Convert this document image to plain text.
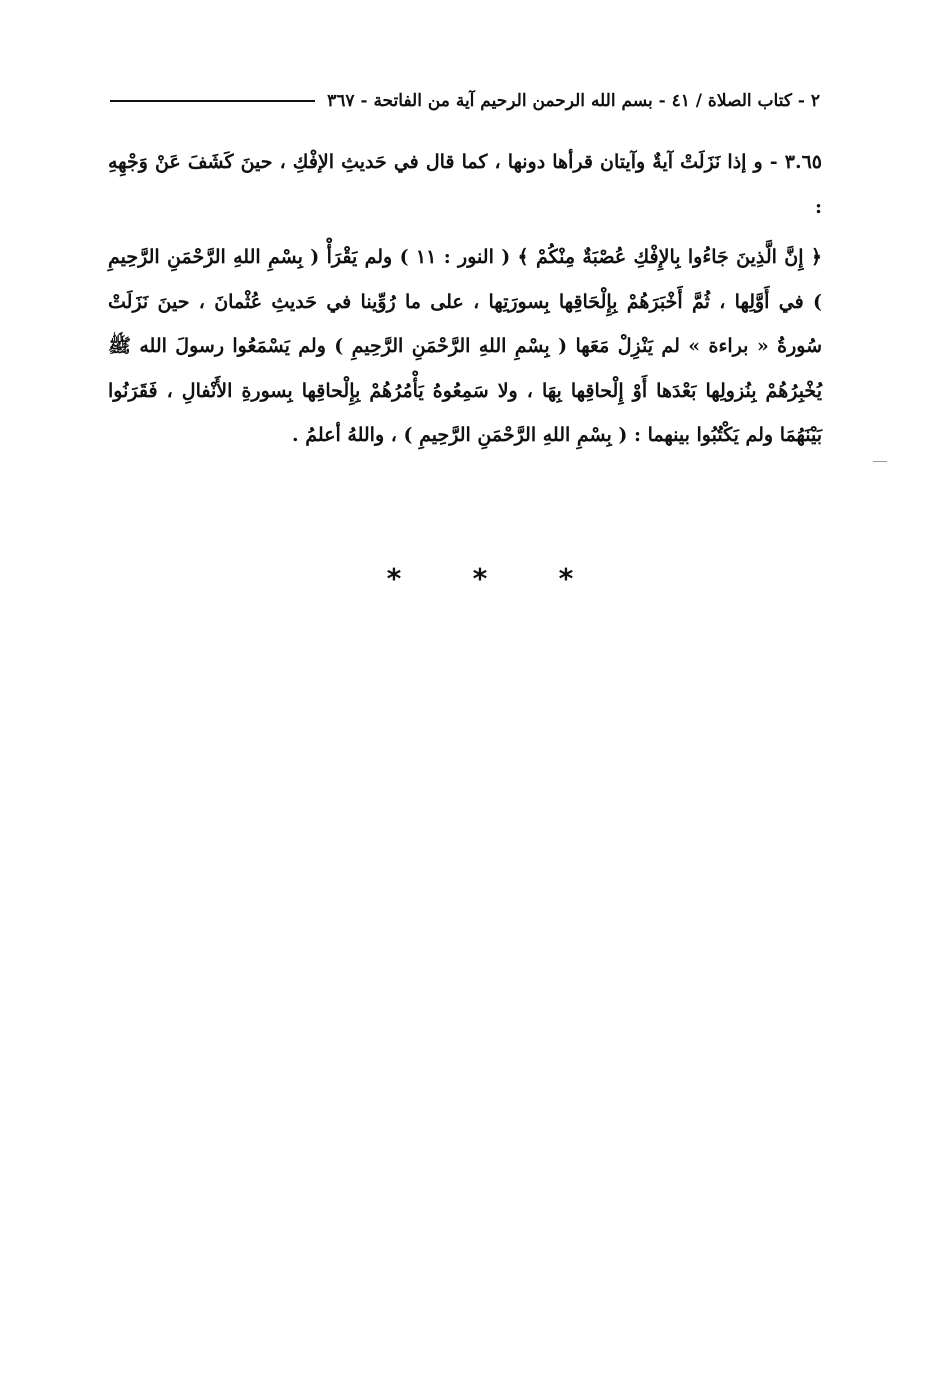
٢ - كتاب الصلاة / ٤١ - بسم الله الرحمن الرحيم آية من الفاتحة - ٣٦٧

٣.٦٥ - و إذا نَزَلَتْ آيةٌ وآيتان قرأها دونها ، كما قال في حَديثِ الإفْكِ ، حينَ كَشَفَ عَنْ وَجْهِهِ :

﴿ إِنَّ الَّذِينَ جَاءُوا بِالإِفْكِ عُصْبَةٌ مِنْكُمْ ﴾ ( النور : ١١ ) ولم يَقْرَأْ ( بِسْمِ اللهِ الرَّحْمَنِ الرَّحِيمِ ) في أَوَّلِها ، ثُمَّ أَخْبَرَهُمْ بِإِلْحَاقِها بِسورَتِها ، على ما رُوِّينا في حَديثِ عُثْمانَ ، حينَ نَزَلَتْ سُورةُ « براءة » لم يَنْزِلْ مَعَها ( بِسْمِ اللهِ الرَّحْمَنِ الرَّحِيمِ ) ولم يَسْمَعُوا رسولَ الله ﷺ يُخْبِرُهُمْ بِنُزولِها بَعْدَها أَوْ إِلْحاقِها بِهَا ، ولا سَمِعُوهُ يَأْمُرُهُمْ بِإِلْحاقِها بِسورةِ الأَنْفالِ ، فَقَرَنُوا بَيْنَهُمَا ولم يَكْتُبُوا بينهما : ( بِسْمِ اللهِ الرَّحْمَنِ الرَّحِيمِ ) ، واللهُ أعلمُ .

*	*	*
